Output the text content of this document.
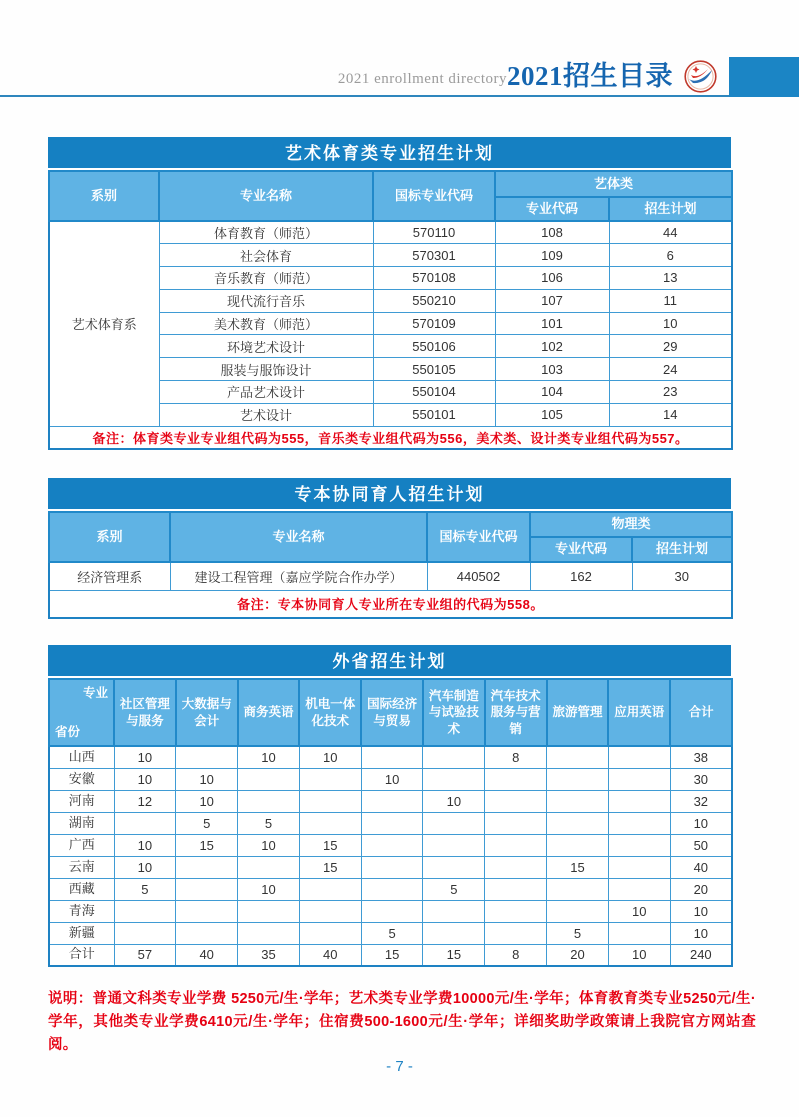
2021 enrollment directory 2021招生目录
艺术体育类专业招生计划
系别	专业名称	国标专业代码	艺体类	
			专业代码	招生计划
艺术体育系	体育教育（师范）	570110	108	44
	社会体育	570301	109	6
	音乐教育（师范）	570108	106	13
	现代流行音乐	550210	107	11
	美术教育（师范）	570109	101	10
	环境艺术设计	550106	102	29
	服装与服饰设计	550105	103	24
	产品艺术设计	550104	104	23
	艺术设计	550101	105	14
备注：体育类专业专业组代码为555，音乐类专业组代码为556，美术类、设计类专业组代码为557。				
专本协同育人招生计划
系别	专业名称	国标专业代码	物理类	
			专业代码	招生计划
经济管理系	建设工程管理（嘉应学院合作办学）	440502	162	30
备注：专本协同育人专业所在专业组的代码为558。				
外省招生计划
专业
省份	社区管理与服务	大数据与会计	商务英语	机电一体化技术	国际经济与贸易	汽车制造与试验技术	汽车技术服务与营销	旅游管理	应用英语	合计
山西	10		10	10			8			38
安徽	10	10			10					30
河南	12	10				10				32
湖南		5	5							10
广西	10	15	10	15						50
云南	10			15				15		40
西藏	5		10			5				20
青海									10	10
新疆					5			5		10
合计	57	40	35	40	15	15	8	20	10	240
说明：普通文科类专业学费 5250元/生·学年；艺术类专业学费10000元/生·学年；体育教育类专业5250元/生·学年，其他类专业学费6410元/生·学年；住宿费500-1600元/生·学年；详细奖助学政策请上我院官方网站查阅。
- 7 -
